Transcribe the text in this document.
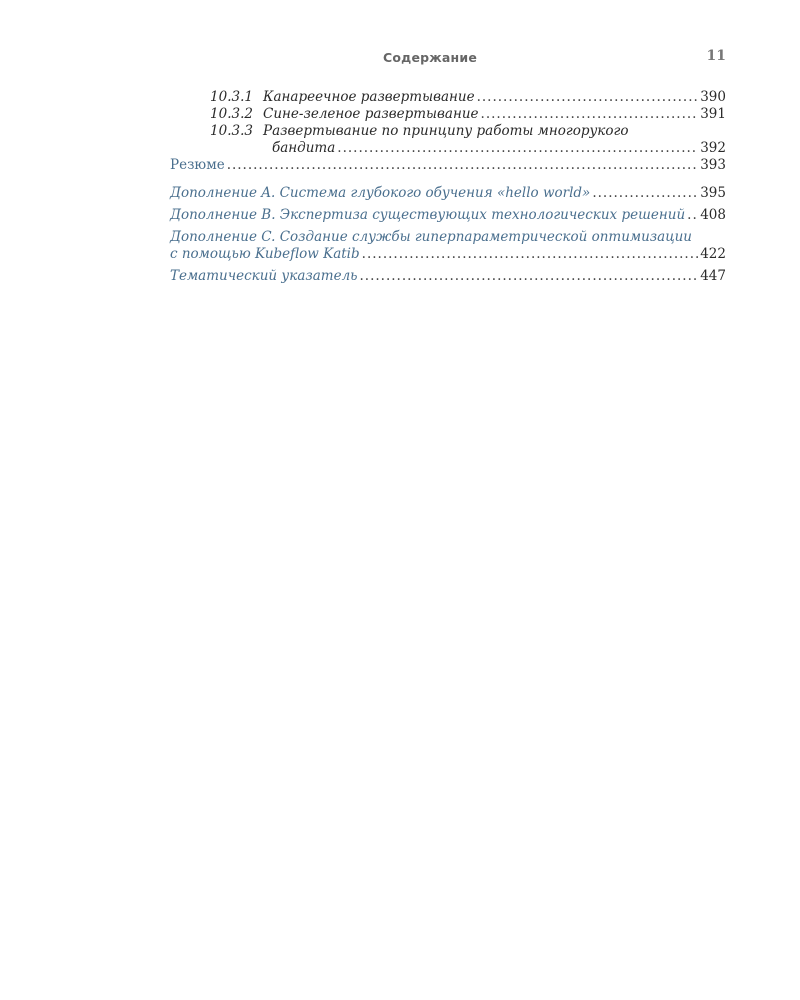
Содержание	11
10.3.1 Канареечное развертывание .....	390
10.3.2 Сине-зеленое развертывание .....	391
10.3.3 Развертывание по принципу работы многорукого
бандита .....	392
Резюме .....	393
Дополнение A. Система глубокого обучения «hello world» .....	395
Дополнение B. Экспертиза существующих технологических решений ..... 408
Дополнение C. Создание службы гиперпараметрической оптимизации
с помощью Kubeflow Katib .....	422
Тематический указатель .....	447
